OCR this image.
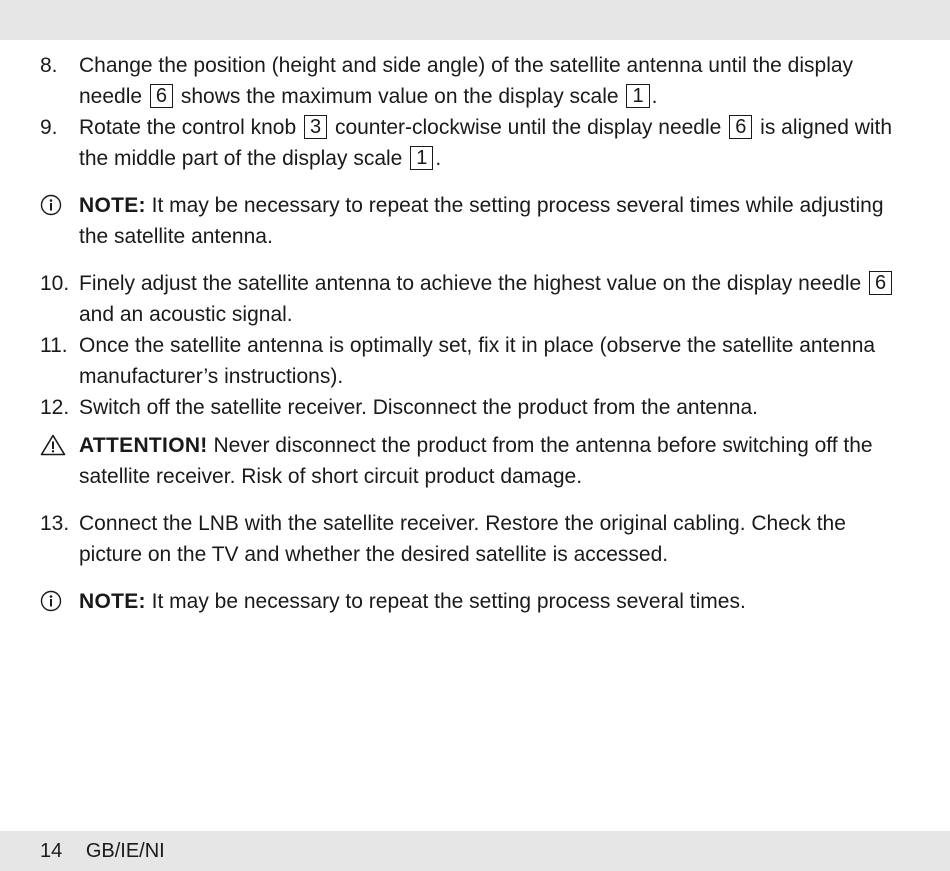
8. Change the position (height and side angle) of the satellite antenna until the display needle 6 shows the maximum value on the display scale 1 .
9. Rotate the control knob 3 counter-clockwise until the display needle 6 is aligned with the middle part of the display scale 1 .
NOTE: It may be necessary to repeat the setting process several times while adjusting the satellite antenna.
10. Finely adjust the satellite antenna to achieve the highest value on the display needle 6 and an acoustic signal.
11. Once the satellite antenna is optimally set, fix it in place (observe the satellite antenna manufacturer’s instructions).
12. Switch off the satellite receiver. Disconnect the product from the antenna.
ATTENTION! Never disconnect the product from the antenna before switching off the satellite receiver. Risk of short circuit product damage.
13. Connect the LNB with the satellite receiver. Restore the original cabling. Check the picture on the TV and whether the desired satellite is accessed.
NOTE: It may be necessary to repeat the setting process several times.
14 GB/IE/NI
